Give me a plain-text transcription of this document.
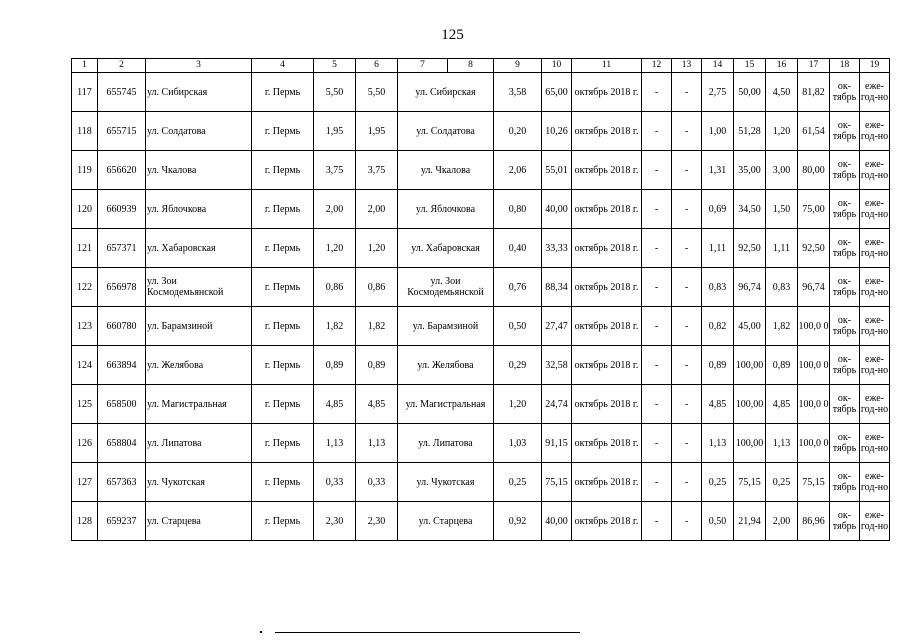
125
1	2	3	4	5	6	7	8	9	10	11	12	13	14	15	16	17	18	19
117	655745	ул. Сибирская	г. Пермь	5,50	5,50	ул. Сибирская		3,58	65,00	октябрь 2018 г.	-	-	2,75	50,00	4,50	81,82	ок-тябрь	еже-год-но
118	655715	ул. Солдатова	г. Пермь	1,95	1,95	ул. Солдатова		0,20	10,26	октябрь 2018 г.	-	-	1,00	51,28	1,20	61,54	ок-тябрь	еже-год-но
119	656620	ул. Чкалова	г. Пермь	3,75	3,75	ул. Чкалова		2,06	55,01	октябрь 2018 г.	-	-	1,31	35,00	3,00	80,00	ок-тябрь	еже-год-но
120	660939	ул. Яблочкова	г. Пермь	2,00	2,00	ул. Яблочкова		0,80	40,00	октябрь 2018 г.	-	-	0,69	34,50	1,50	75,00	ок-тябрь	еже-год-но
121	657371	ул. Хабаровская	г. Пермь	1,20	1,20	ул. Хабаровская		0,40	33,33	октябрь 2018 г.	-	-	1,11	92,50	1,11	92,50	ок-тябрь	еже-год-но
122	656978	ул. Зои Космодемьянской	г. Пермь	0,86	0,86	ул. Зои Космодемьянской		0,76	88,34	октябрь 2018 г.	-	-	0,83	96,74	0,83	96,74	ок-тябрь	еже-год-но
123	660780	ул. Барамзиной	г. Пермь	1,82	1,82	ул. Барамзиной		0,50	27,47	октябрь 2018 г.	-	-	0,82	45,00	1,82	100,0 0	ок-тябрь	еже-год-но
124	663894	ул. Желябова	г. Пермь	0,89	0,89	ул. Желябова		0,29	32,58	октябрь 2018 г.	-	-	0,89	100,00	0,89	100,0 0	ок-тябрь	еже-год-но
125	658500	ул. Магистральная	г. Пермь	4,85	4,85	ул. Магистральная		1,20	24,74	октябрь 2018 г.	-	-	4,85	100,00	4,85	100,0 0	ок-тябрь	еже-год-но
126	658804	ул. Липатова	г. Пермь	1,13	1,13	ул. Липатова		1,03	91,15	октябрь 2018 г.	-	-	1,13	100,00	1,13	100,0 0	ок-тябрь	еже-год-но
127	657363	ул. Чукотская	г. Пермь	0,33	0,33	ул. Чукотская		0,25	75,15	октябрь 2018 г.	-	-	0,25	75,15	0,25	75,15	ок-тябрь	еже-год-но
128	659237	ул. Старцева	г. Пермь	2,30	2,30	ул. Старцева		0,92	40,00	октябрь 2018 г.	-	-	0,50	21,94	2,00	86,96	ок-тябрь	еже-год-но
